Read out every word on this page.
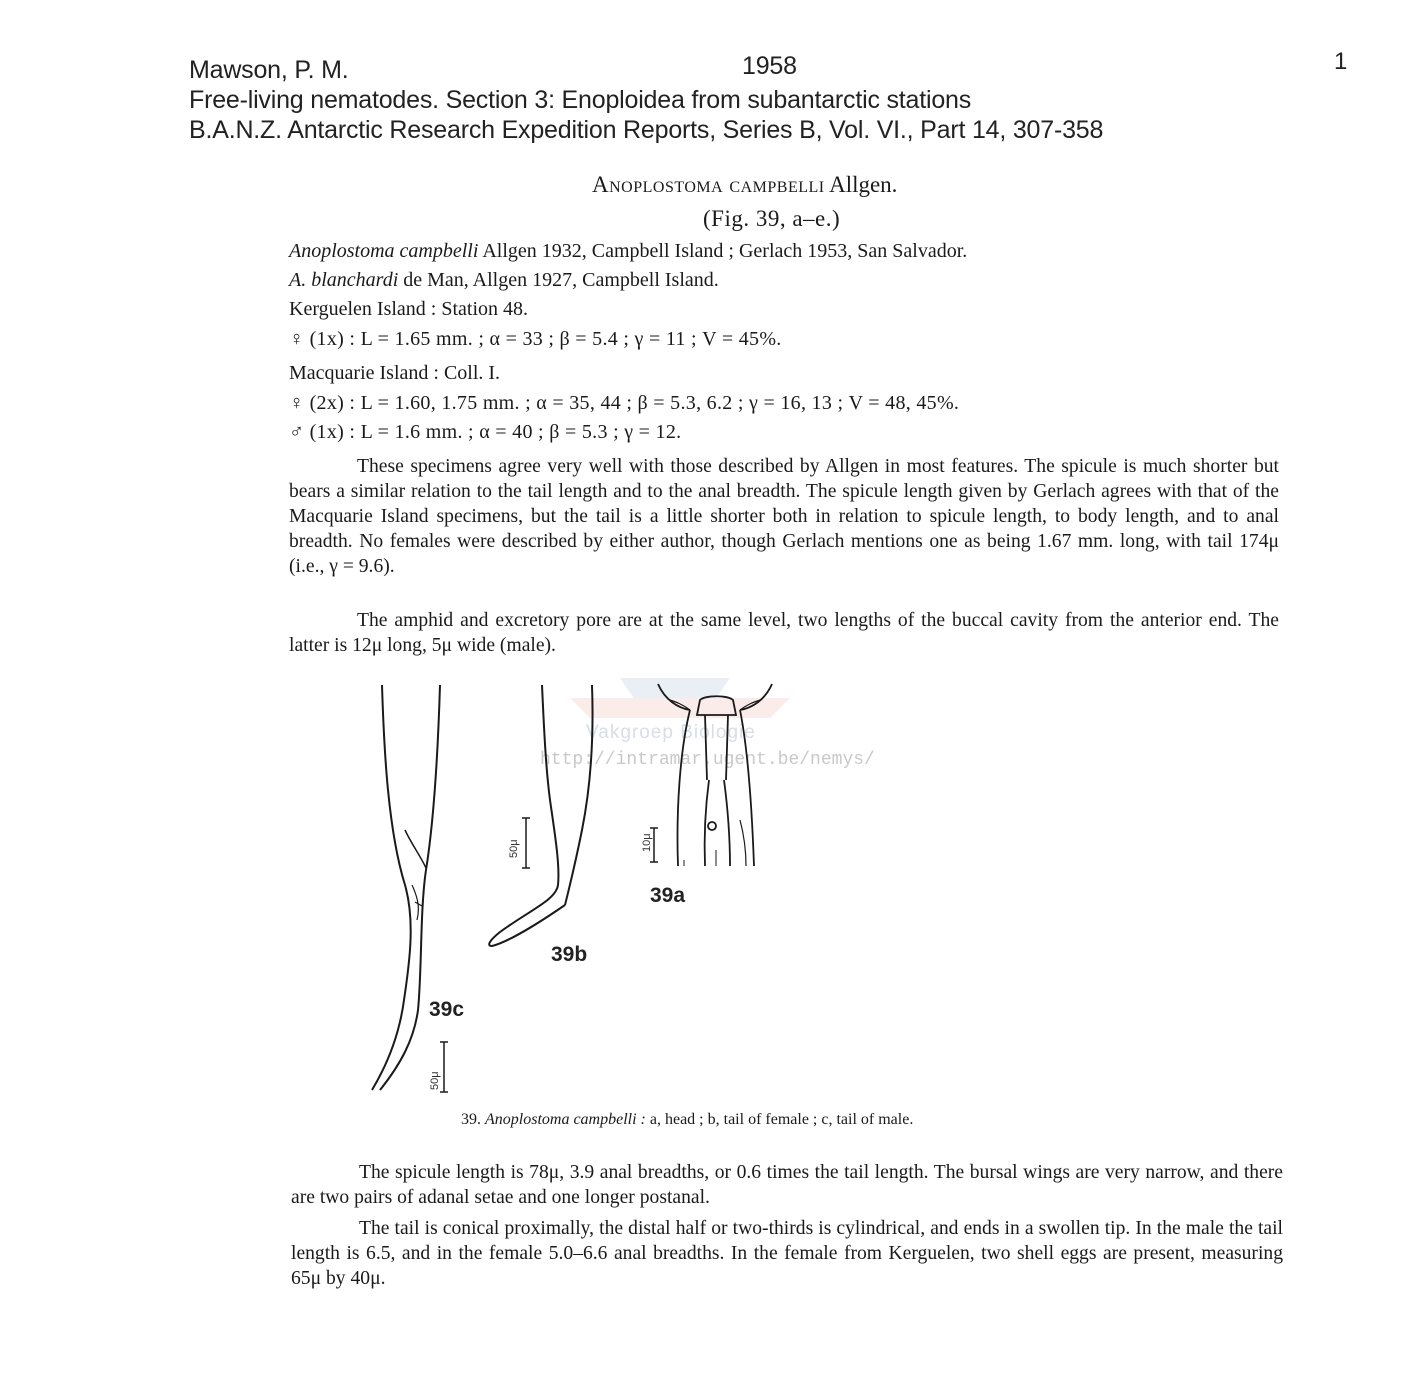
Mawson, P. M.	1958	1
Free-living nematodes. Section 3: Enoploidea from subantarctic stations
B.A.N.Z. Antarctic Research Expedition Reports, Series B, Vol. VI., Part 14, 307-358
Anoplostoma campbelli Allgen.
(Fig. 39, a–e.)
Anoplostoma campbelli Allgen 1932, Campbell Island ; Gerlach 1953, San Salvador.
A. blanchardi de Man, Allgen 1927, Campbell Island.
Kerguelen Island : Station 48.
♀ (1x) : L = 1.65 mm. ; α = 33 ; β = 5.4 ; γ = 11 ; V = 45%.
Macquarie Island : Coll. I.
♀ (2x) : L = 1.60, 1.75 mm. ; α = 35, 44 ; β = 5.3, 6.2 ; γ = 16, 13 ; V = 48, 45%.
♂ (1x) : L = 1.6 mm. ; α = 40 ; β = 5.3 ; γ = 12.

These specimens agree very well with those described by Allgen in most features. The spicule is much shorter but bears a similar relation to the tail length and to the anal breadth. The spicule length given by Gerlach agrees with that of the Macquarie Island specimens, but the tail is a little shorter both in relation to spicule length, to body length, and to anal breadth. No females were described by either author, though Gerlach mentions one as being 1.67 mm. long, with tail 174μ (i.e., γ = 9.6).

The amphid and excretory pore are at the same level, two lengths of the buccal cavity from the anterior end. The latter is 12μ long, 5μ wide (male).

Vakgroep Biologie
http://intramar.ugent.be/nemys/
39a
39b
39c
50μ	10μ
50μ
39. Anoplostoma campbelli : a, head ; b, tail of female ; c, tail of male.

The spicule length is 78μ, 3.9 anal breadths, or 0.6 times the tail length. The bursal wings are very narrow, and there are two pairs of adanal setae and one longer postanal.

The tail is conical proximally, the distal half or two-thirds is cylindrical, and ends in a swollen tip. In the male the tail length is 6.5, and in the female 5.0–6.6 anal breadths. In the female from Kerguelen, two shell eggs are present, measuring 65μ by 40μ.
